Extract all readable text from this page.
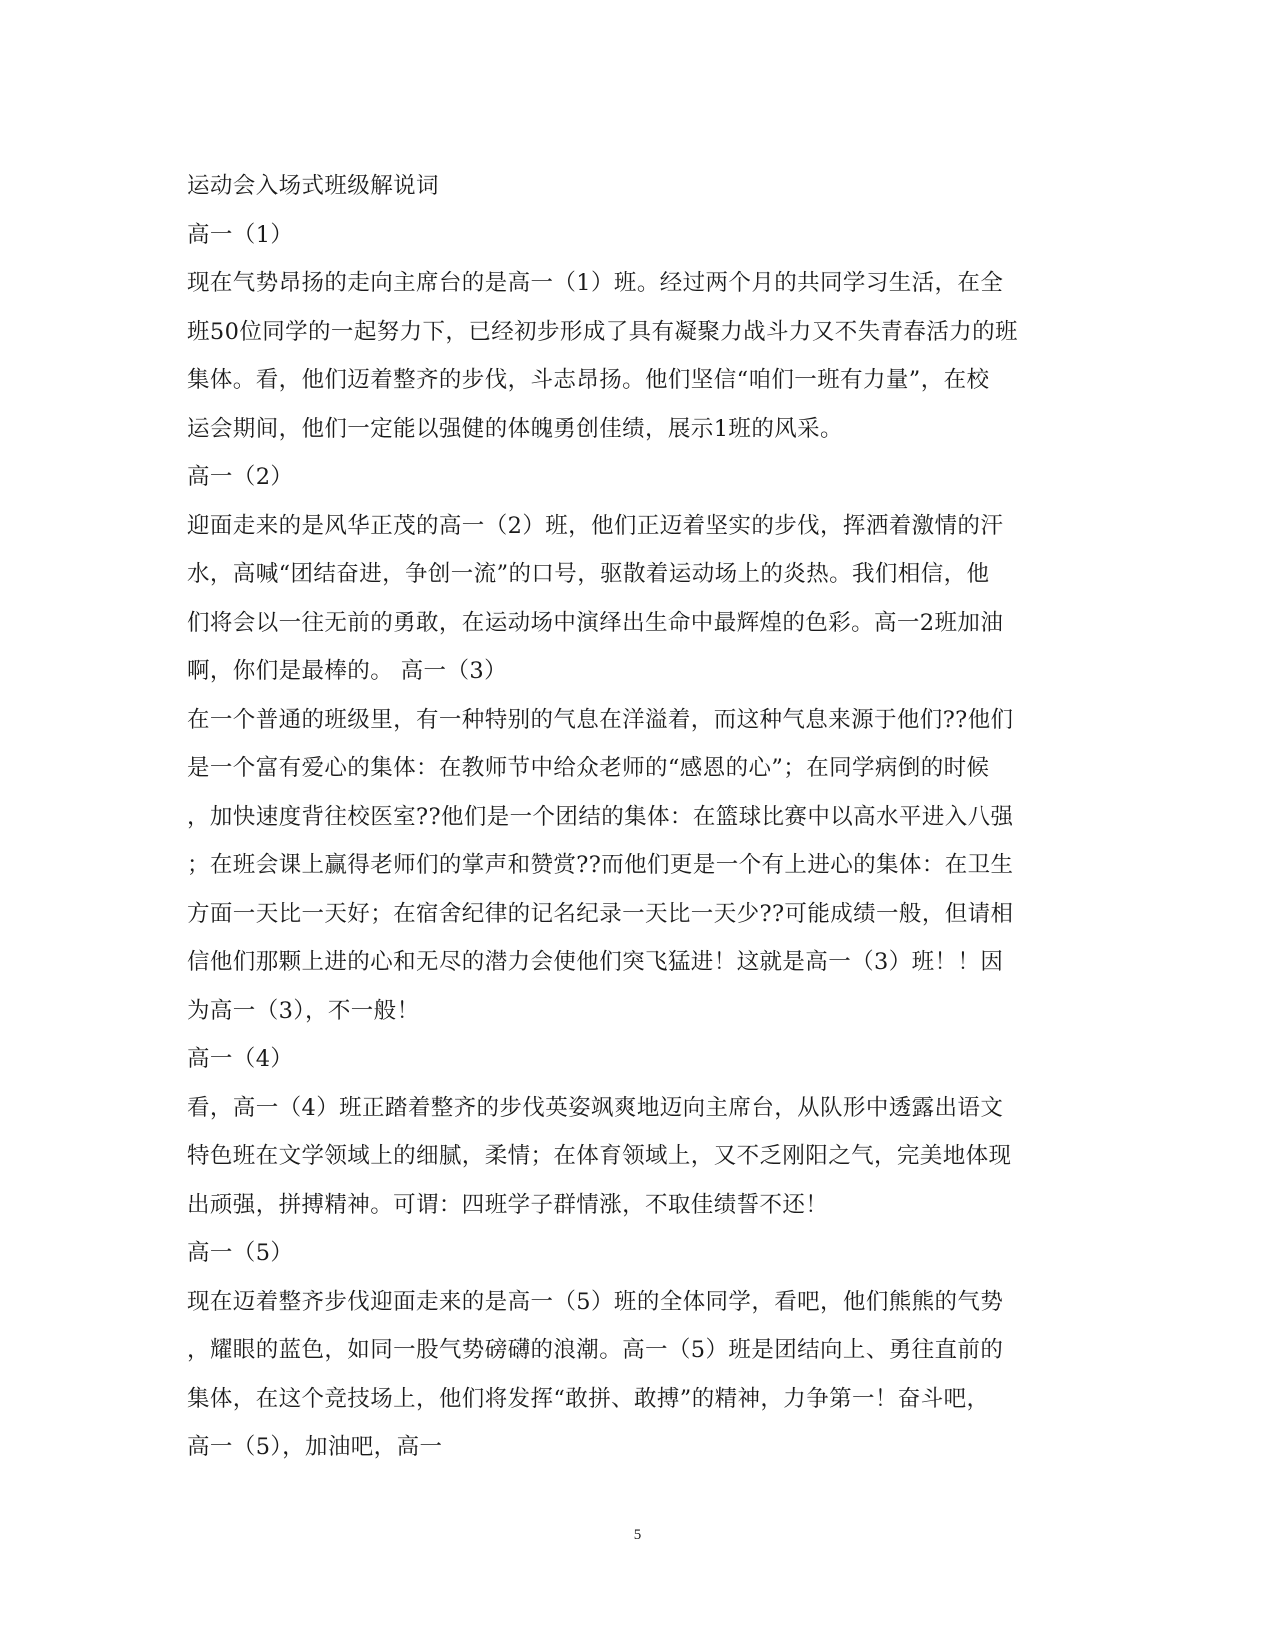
运动会入场式班级解说词
高一（1）
现在气势昂扬的走向主席台的是高一（1）班。经过两个月的共同学习生活，在全
班50位同学的一起努力下，已经初步形成了具有凝聚力战斗力又不失青春活力的班
集体。看，他们迈着整齐的步伐，斗志昂扬。他们坚信“咱们一班有力量”，在校
运会期间，他们一定能以强健的体魄勇创佳绩，展示1班的风采。
高一（2）
迎面走来的是风华正茂的高一（2）班，他们正迈着坚实的步伐，挥洒着激情的汗
水，高喊“团结奋进，争创一流”的口号，驱散着运动场上的炎热。我们相信，他
们将会以一往无前的勇敢，在运动场中演绎出生命中最辉煌的色彩。高一2班加油
啊，你们是最棒的。 高一（3）
在一个普通的班级里，有一种特别的气息在洋溢着，而这种气息来源于他们??他们
是一个富有爱心的集体：在教师节中给众老师的“感恩的心”；在同学病倒的时候
，加快速度背往校医室??他们是一个团结的集体：在篮球比赛中以高水平进入八强
；在班会课上赢得老师们的掌声和赞赏??而他们更是一个有上进心的集体：在卫生
方面一天比一天好；在宿舍纪律的记名纪录一天比一天少??可能成绩一般，但请相
信他们那颗上进的心和无尽的潜力会使他们突飞猛进！这就是高一（3）班！！因
为高一（3），不一般！
高一（4）
看，高一（4）班正踏着整齐的步伐英姿飒爽地迈向主席台，从队形中透露出语文
特色班在文学领域上的细腻，柔情；在体育领域上，又不乏刚阳之气，完美地体现
出顽强，拼搏精神。可谓：四班学子群情涨，不取佳绩誓不还！
高一（5）
现在迈着整齐步伐迎面走来的是高一（5）班的全体同学，看吧，他们熊熊的气势
，耀眼的蓝色，如同一股气势磅礴的浪潮。高一（5）班是团结向上、勇往直前的
集体，在这个竞技场上，他们将发挥“敢拼、敢搏”的精神，力争第一！奋斗吧，
高一（5），加油吧，高一
5
